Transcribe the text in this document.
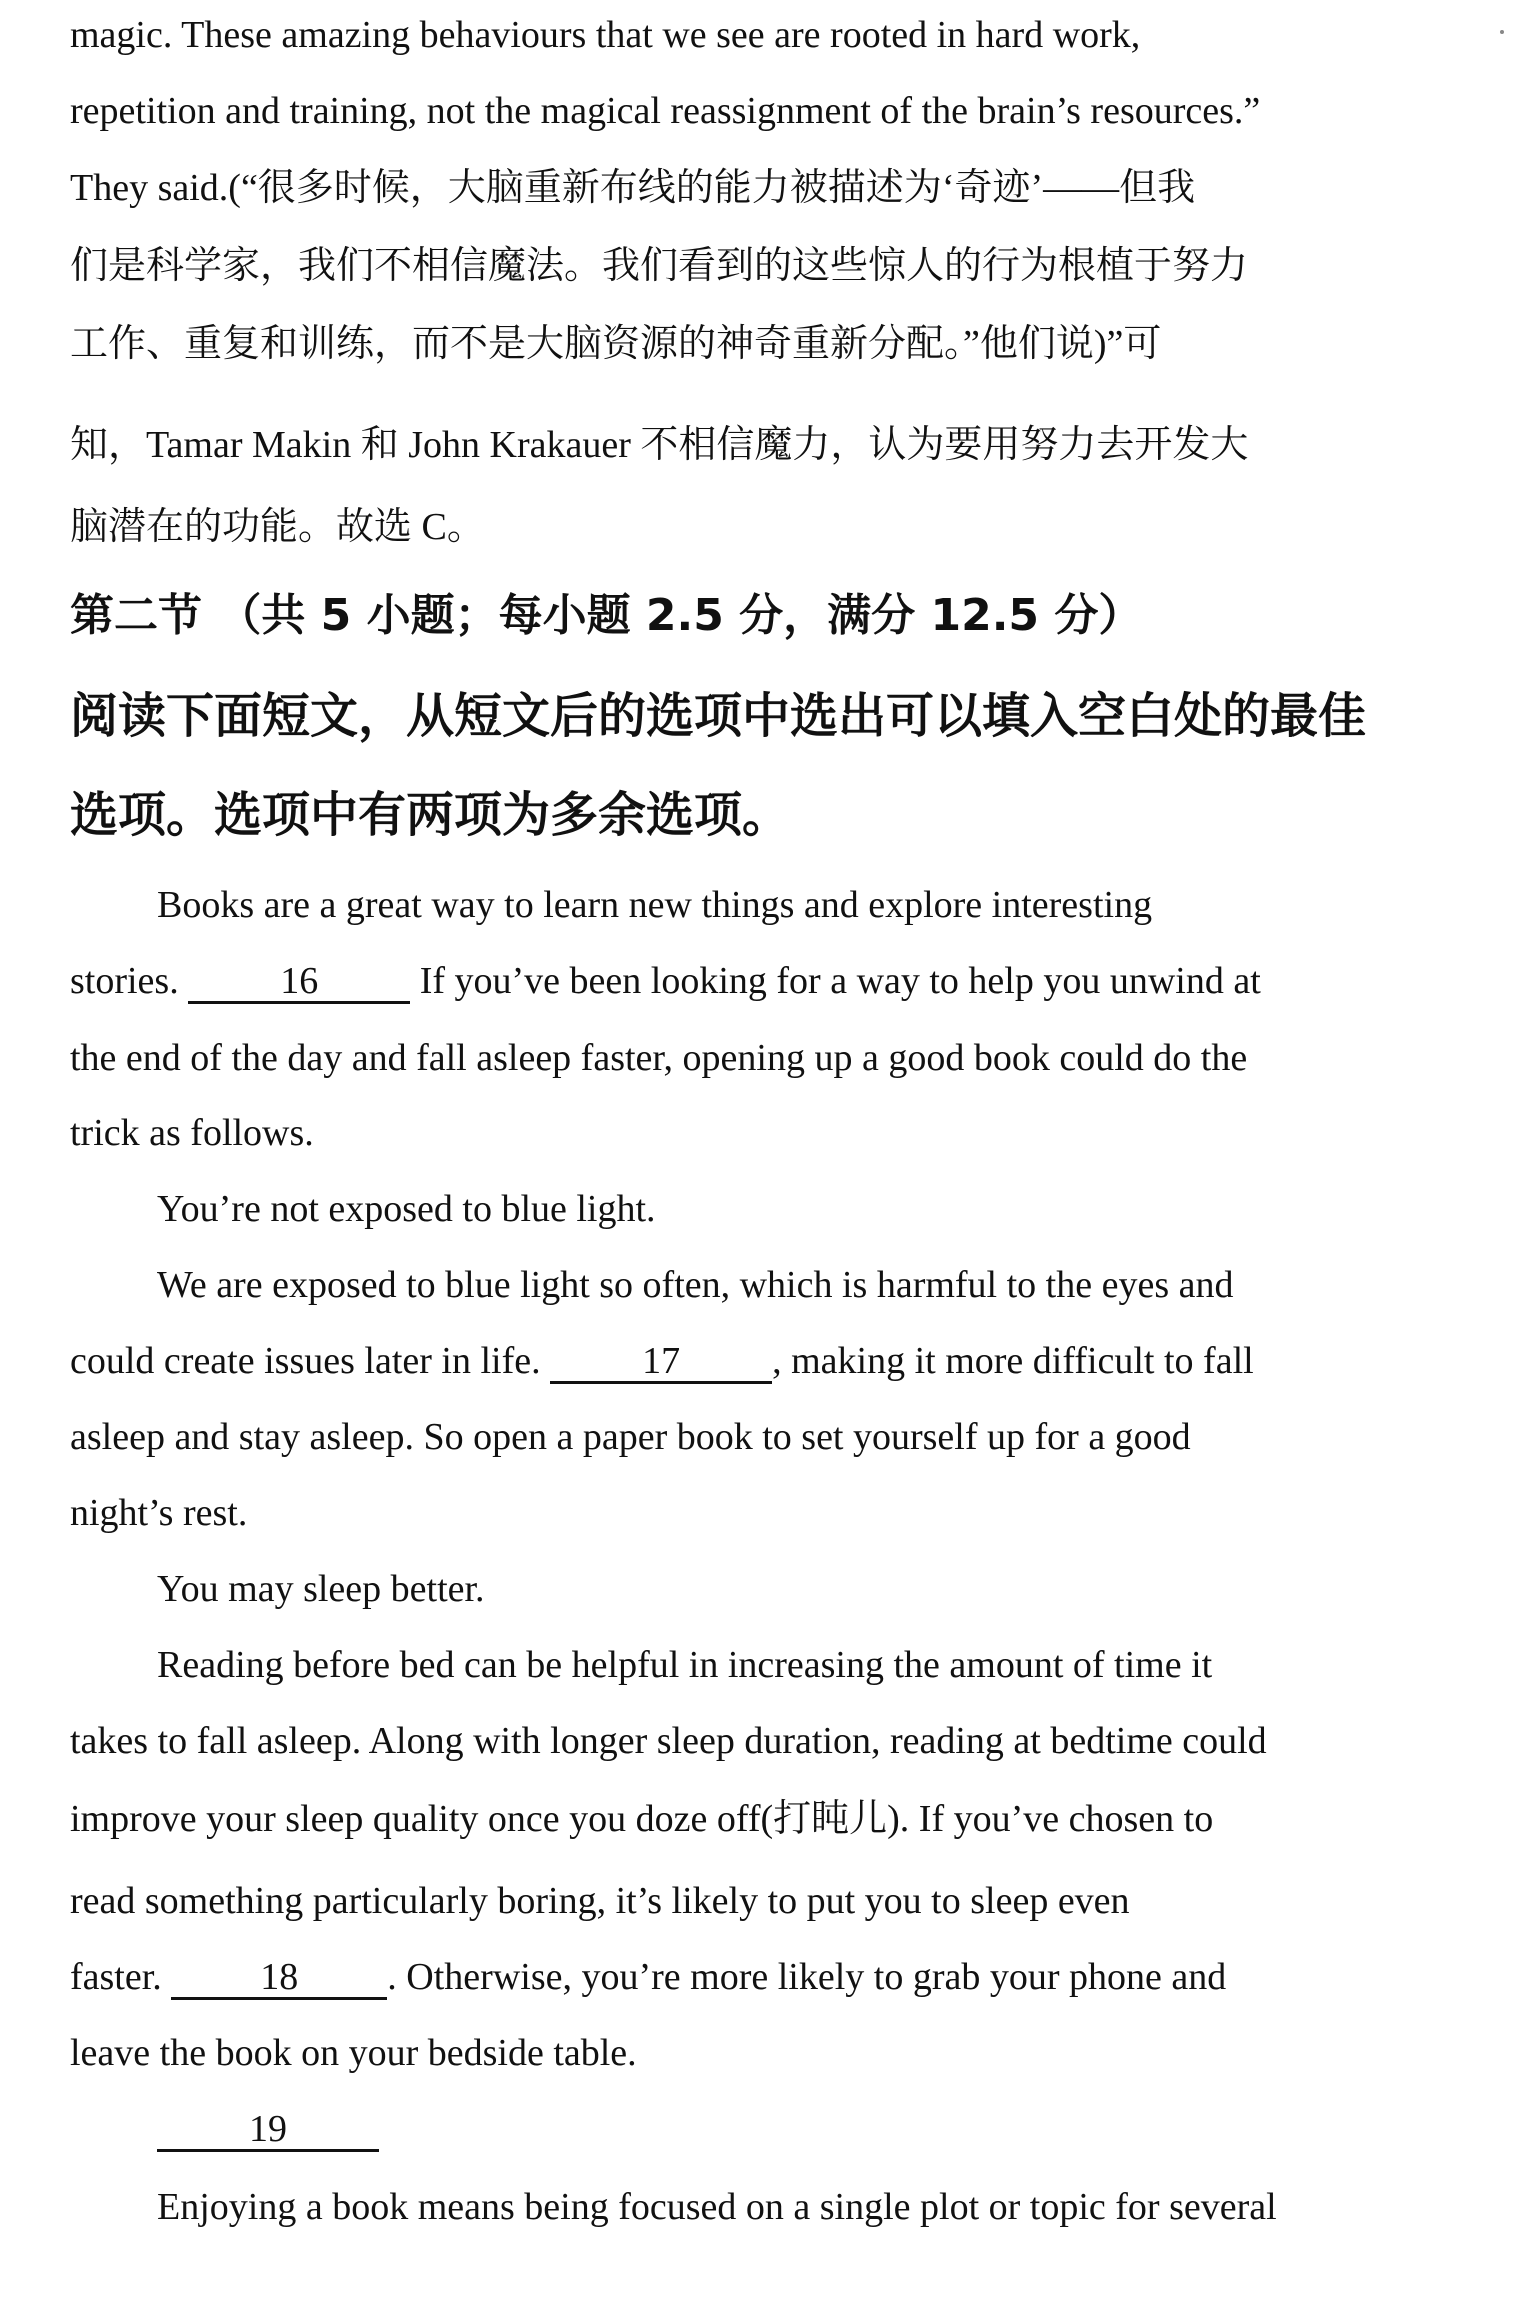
magic. These amazing behaviours that we see are rooted in hard work,
repetition and training, not the magical reassignment of the brain’s resources.”
They said.(“很多时候，大脑重新布线的能力被描述为‘奇迹’——但我
们是科学家，我们不相信魔法。我们看到的这些惊人的行为根植于努力
工作、重复和训练，而不是大脑资源的神奇重新分配。”他们说)”可
知，Tamar Makin 和 John Krakauer 不相信魔力，认为要用努力去开发大
脑潜在的功能。故选 C。
第二节 （共 5 小题；每小题 2.5 分，满分 12.5 分）
阅读下面短文，从短文后的选项中选出可以填入空白处的最佳
选项。选项中有两项为多余选项。
Books are a great way to learn new things and explore interesting
stories. 16 If you’ve been looking for a way to help you unwind at
the end of the day and fall asleep faster, opening up a good book could do the
trick as follows.
You’re not exposed to blue light.
We are exposed to blue light so often, which is harmful to the eyes and
could create issues later in life. 17 , making it more difficult to fall
asleep and stay asleep. So open a paper book to set yourself up for a good
night’s rest.
You may sleep better.
Reading before bed can be helpful in increasing the amount of time it
takes to fall asleep. Along with longer sleep duration, reading at bedtime could
improve your sleep quality once you doze off(打盹儿). If you’ve chosen to
read something particularly boring, it’s likely to put you to sleep even
faster. 18 . Otherwise, you’re more likely to grab your phone and
leave the book on your bedside table.
19
Enjoying a book means being focused on a single plot or topic for several
